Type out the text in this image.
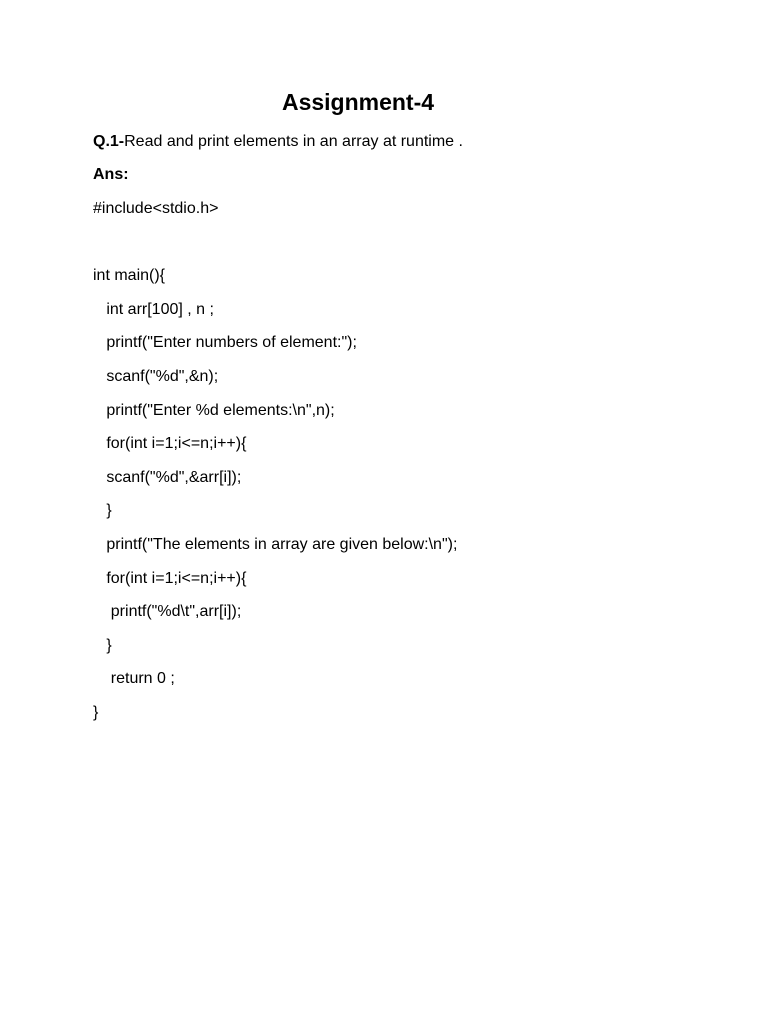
Assignment-4
Q.1-Read and print elements in an array at runtime .
Ans:
#include<stdio.h>
int main(){
int arr[100] , n ;
printf("Enter numbers of element:");
scanf("%d",&n);
printf("Enter %d elements:\n",n);
for(int i=1;i<=n;i++){
scanf("%d",&arr[i]);
}
printf("The elements in array are given below:\n");
for(int i=1;i<=n;i++){
printf("%d\t",arr[i]);
}
return 0 ;
}
